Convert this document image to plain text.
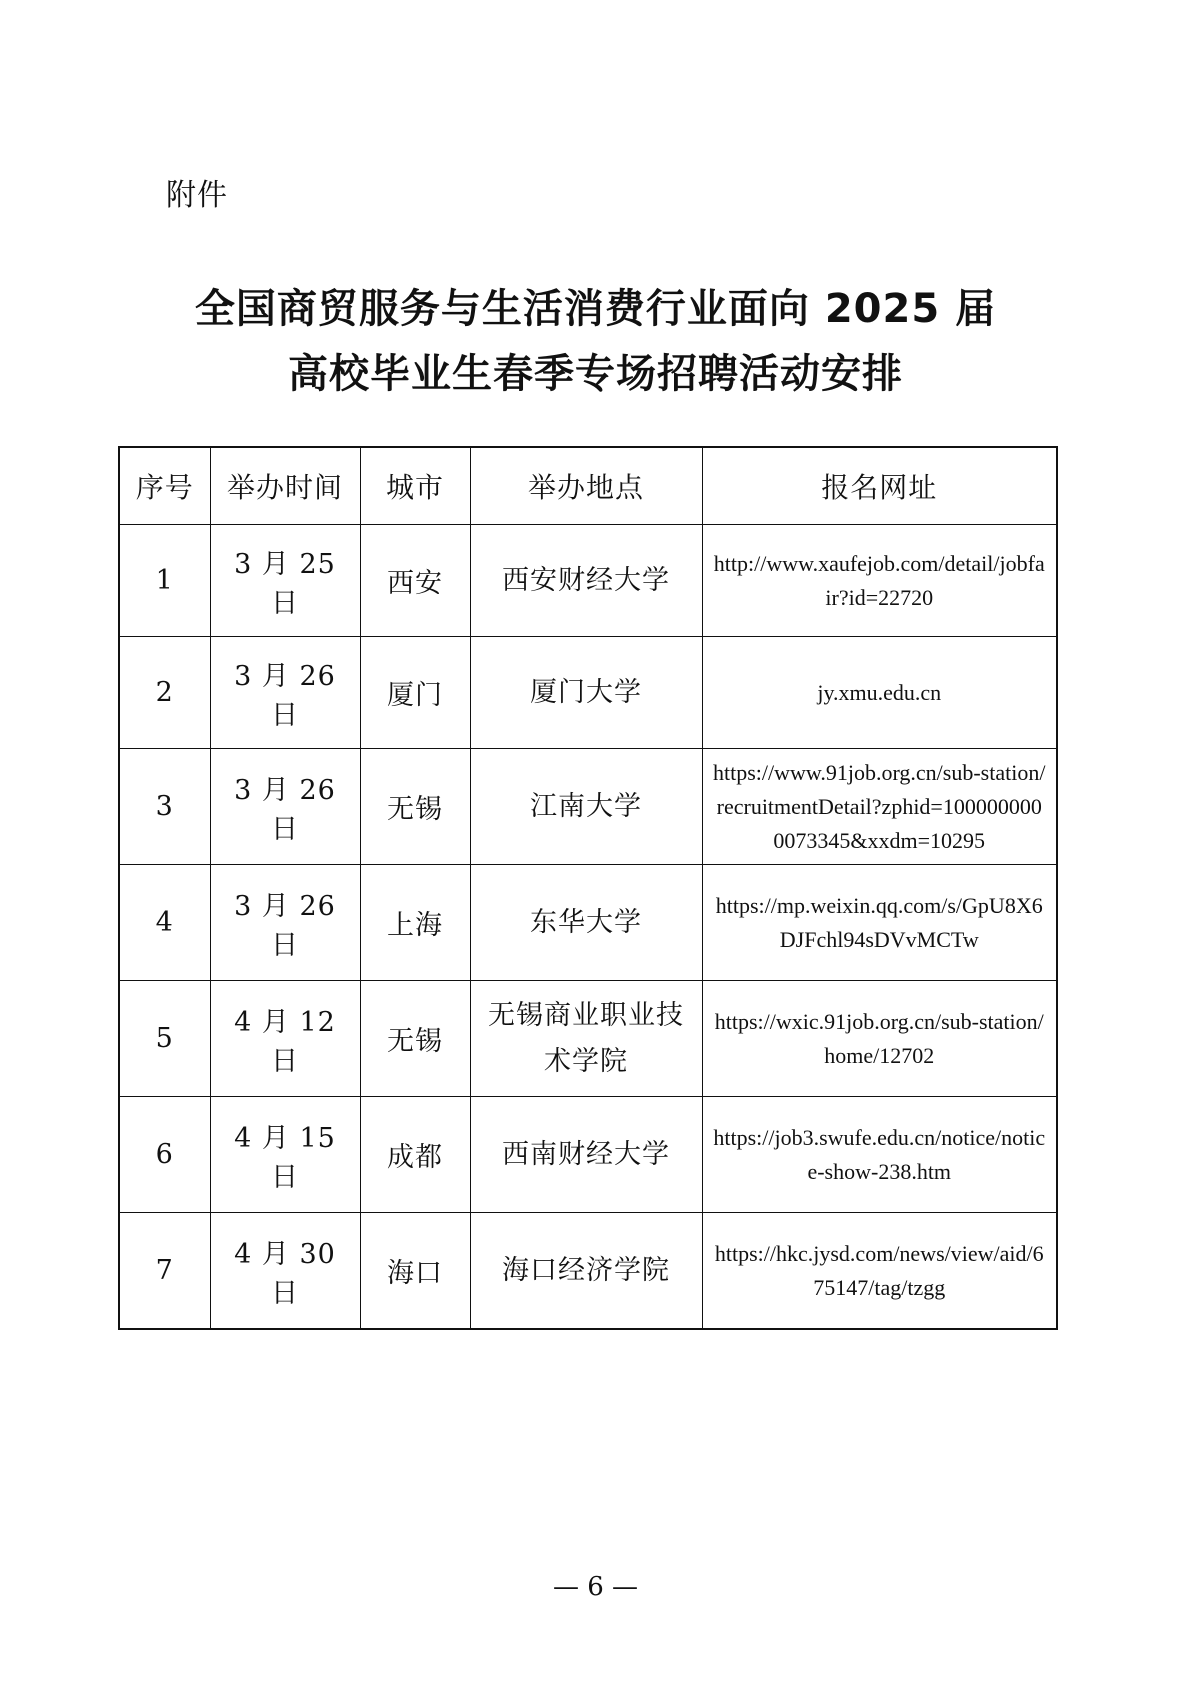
附件
全国商贸服务与生活消费行业面向 2025 届
高校毕业生春季专场招聘活动安排
序号	举办时间	城市	举办地点	报名网址
1	3 月 25 日	西安	西安财经大学	http://www.xaufejob.com/detail/jobfair?id=22720
2	3 月 26 日	厦门	厦门大学	jy.xmu.edu.cn
3	3 月 26 日	无锡	江南大学	https://www.91job.org.cn/sub-station/recruitmentDetail?zphid=1000000000073345&xxdm=10295
4	3 月 26 日	上海	东华大学	https://mp.weixin.qq.com/s/GpU8X6DJFchl94sDVvMCTw
5	4 月 12 日	无锡	无锡商业职业技术学院	https://wxic.91job.org.cn/sub-station/home/12702
6	4 月 15 日	成都	西南财经大学	https://job3.swufe.edu.cn/notice/notice-show-238.htm
7	4 月 30 日	海口	海口经济学院	https://hkc.jysd.com/news/view/aid/675147/tag/tzgg
— 6 —
